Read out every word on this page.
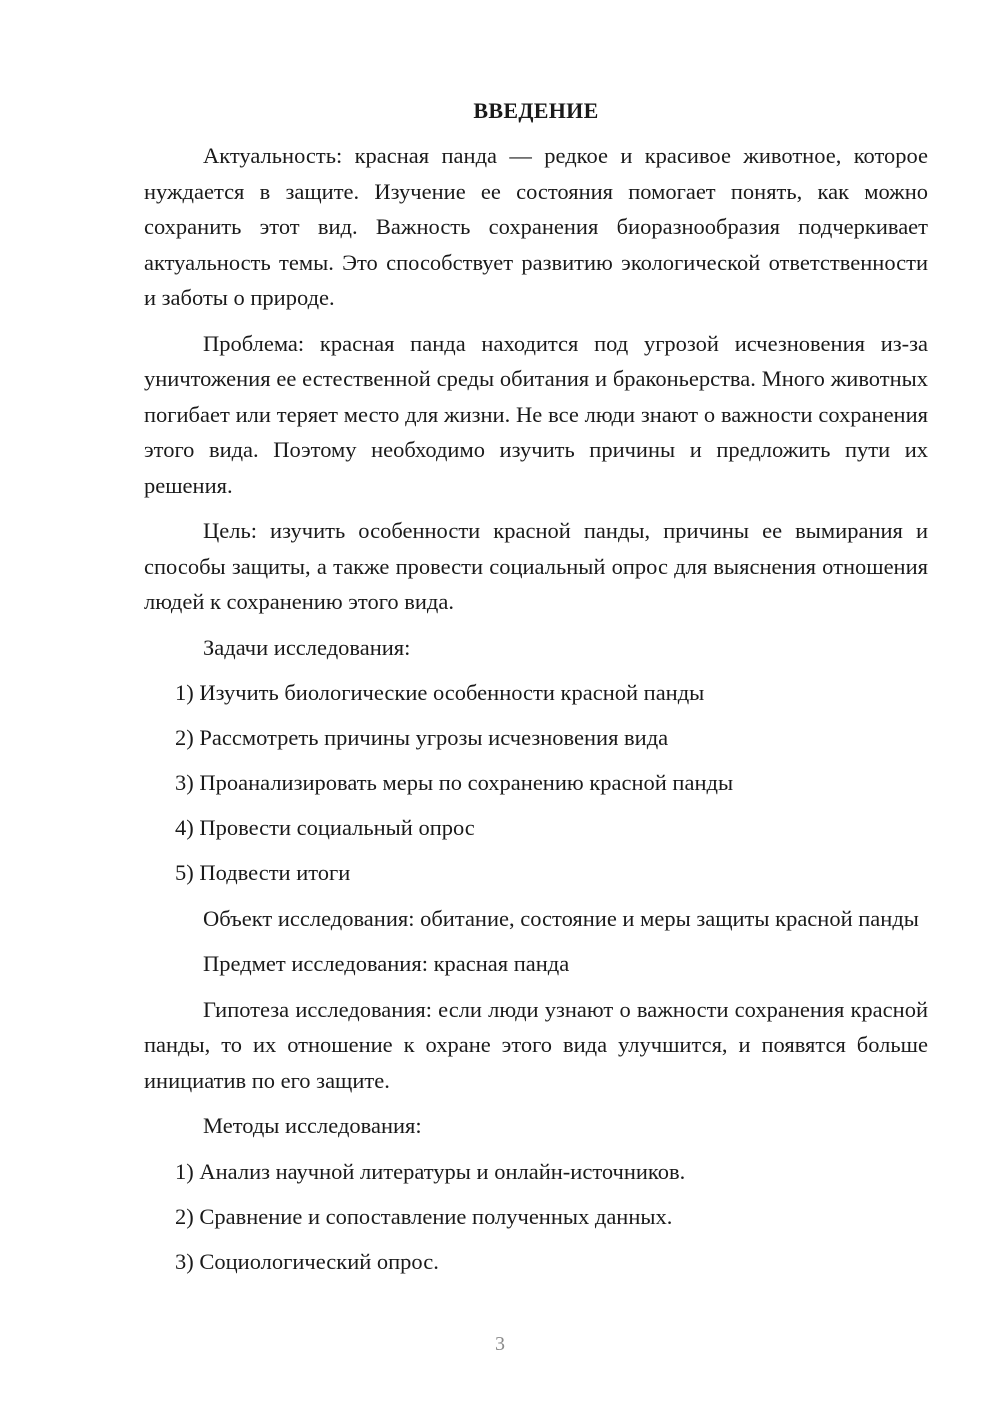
ВВЕДЕНИЕ

Актуальность: красная панда — редкое и красивое животное, которое нуждается в защите. Изучение ее состояния помогает понять, как можно сохранить этот вид. Важность сохранения биоразнообразия подчеркивает актуальность темы. Это способствует развитию экологической ответственности и заботы о природе.

Проблема: красная панда находится под угрозой исчезновения из-за уничтожения ее естественной среды обитания и браконьерства. Много животных погибает или теряет место для жизни. Не все люди знают о важности сохранения этого вида. Поэтому необходимо изучить причины и предложить пути их решения.

Цель: изучить особенности красной панды, причины ее вымирания и способы защиты, а также провести социальный опрос для выяснения отношения людей к сохранению этого вида.

Задачи исследования:
1) Изучить биологические особенности красной панды
2) Рассмотреть причины угрозы исчезновения вида
3) Проанализировать меры по сохранению красной панды
4) Провести социальный опрос
5) Подвести итоги

Объект исследования: обитание, состояние и меры защиты красной панды

Предмет исследования: красная панда

Гипотеза исследования: если люди узнают о важности сохранения красной панды, то их отношение к охране этого вида улучшится, и появятся больше инициатив по его защите.

Методы исследования:
1) Анализ научной литературы и онлайн-источников.
2) Сравнение и сопоставление полученных данных.
3) Социологический опрос.
3
